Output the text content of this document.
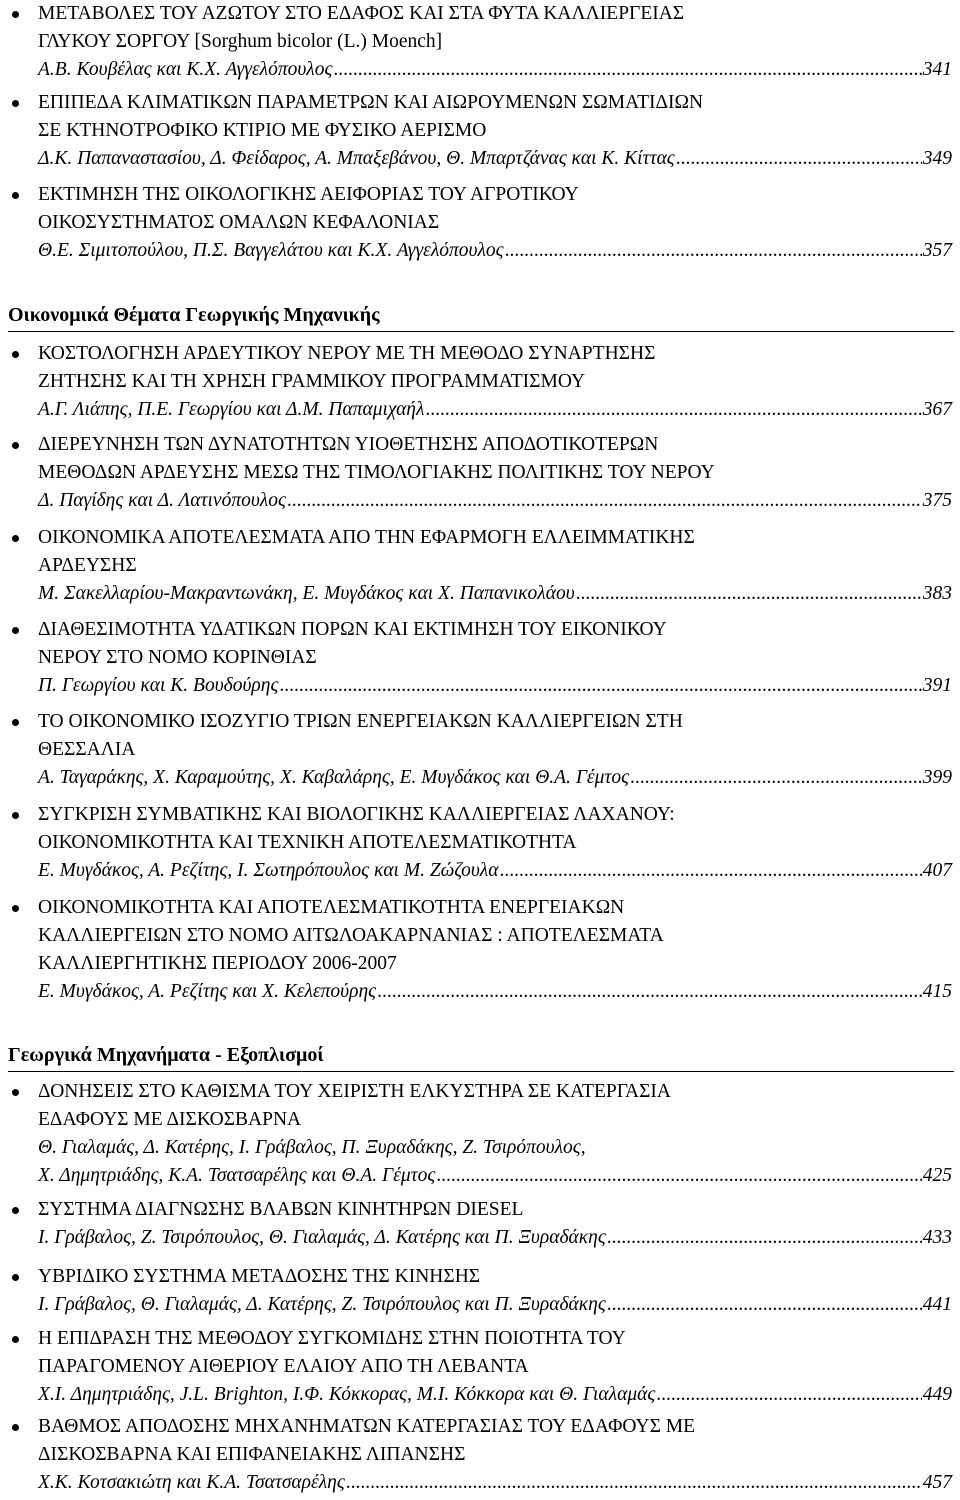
ΜΕΤΑΒΟΛΕΣ ΤΟΥ ΑΖΩΤΟΥ ΣΤΟ ΕΔΑΦΟΣ ΚΑΙ ΣΤΑ ΦΥΤΑ ΚΑΛΛΙΕΡΓΕΙΑΣ
ΓΛΥΚΟΥ ΣΟΡΓΟΥ [Sorghum bicolor (L.) Moench]
Α.Β. Κουβέλας και Κ.Χ. Αγγελόπουλος .....	341
ΕΠΙΠΕΔΑ ΚΛΙΜΑΤΙΚΩΝ ΠΑΡΑΜΕΤΡΩΝ ΚΑΙ ΑΙΩΡΟΥΜΕΝΩΝ ΣΩΜΑΤΙΔΙΩΝ
ΣΕ ΚΤΗΝΟΤΡΟΦΙΚΟ ΚΤΙΡΙΟ ΜΕ ΦΥΣΙΚΟ ΑΕΡΙΣΜΟ
Δ.Κ. Παπαναστασίου, Δ. Φείδαρος, Α. Μπαξεβάνου, Θ. Μπαρτζάνας και Κ. Κίττας .....	349
ΕΚΤΙΜΗΣΗ ΤΗΣ ΟΙΚΟΛΟΓΙΚΗΣ ΑΕΙΦΟΡΙΑΣ ΤΟΥ ΑΓΡΟΤΙΚΟΥ
ΟΙΚΟΣΥΣΤΗΜΑΤΟΣ ΟΜΑΛΩΝ ΚΕΦΑΛΟΝΙΑΣ
Θ.Ε. Σιμιτοπούλου, Π.Σ. Βαγγελάτου και Κ.Χ. Αγγελόπουλος .....	357
Οικονομικά Θέματα Γεωργικής Μηχανικής
ΚΟΣΤΟΛΟΓΗΣΗ ΑΡΔΕΥΤΙΚΟΥ ΝΕΡΟΥ ΜΕ ΤΗ ΜΕΘΟΔΟ ΣΥΝΑΡΤΗΣΗΣ
ΖΗΤΗΣΗΣ ΚΑΙ ΤΗ ΧΡΗΣΗ ΓΡΑΜΜΙΚΟΥ ΠΡΟΓΡΑΜΜΑΤΙΣΜΟΥ
Α.Γ. Λιάπης, Π.Ε. Γεωργίου και Δ.Μ. Παπαμιχαήλ .....	367
ΔΙΕΡΕΥΝΗΣΗ ΤΩΝ ΔΥΝΑΤΟΤΗΤΩΝ ΥΙΟΘΕΤΗΣΗΣ ΑΠΟΔΟΤΙΚΟΤΕΡΩΝ
ΜΕΘΟΔΩΝ ΑΡΔΕΥΣΗΣ ΜΕΣΩ ΤΗΣ ΤΙΜΟΛΟΓΙΑΚΗΣ ΠΟΛΙΤΙΚΗΣ ΤΟΥ ΝΕΡΟΥ
Δ. Παγίδης και Δ. Λατινόπουλος .....	375
ΟΙΚΟΝΟΜΙΚΑ ΑΠΟΤΕΛΕΣΜΑΤΑ ΑΠΟ ΤΗΝ ΕΦΑΡΜΟΓΗ ΕΛΛΕΙΜΜΑΤΙΚΗΣ
ΑΡΔΕΥΣΗΣ
Μ. Σακελλαρίου-Μακραντωνάκη, Ε. Μυγδάκος και Χ. Παπανικολάου .....	383
ΔΙΑΘΕΣΙΜΟΤΗΤΑ ΥΔΑΤΙΚΩΝ ΠΟΡΩΝ ΚΑΙ ΕΚΤΙΜΗΣΗ ΤΟΥ ΕΙΚΟΝΙΚΟΥ
ΝΕΡΟΥ ΣΤΟ ΝΟΜΟ ΚΟΡΙΝΘΙΑΣ
Π. Γεωργίου και Κ. Βουδούρης .....	391
ΤΟ ΟΙΚΟΝΟΜΙΚΟ ΙΣΟΖΥΓΙΟ ΤΡΙΩΝ ΕΝΕΡΓΕΙΑΚΩΝ ΚΑΛΛΙΕΡΓΕΙΩΝ ΣΤΗ
ΘΕΣΣΑΛΙΑ
Α. Ταγαράκης, Χ. Καραμούτης, Χ. Καβαλάρης, Ε. Μυγδάκος και Θ.Α. Γέμτος .....	399
ΣΥΓΚΡΙΣΗ ΣΥΜΒΑΤΙΚΗΣ ΚΑΙ ΒΙΟΛΟΓΙΚΗΣ ΚΑΛΛΙΕΡΓΕΙΑΣ ΛΑΧΑΝΟΥ:
ΟΙΚΟΝΟΜΙΚΟΤΗΤΑ ΚΑΙ ΤΕΧΝΙΚΗ ΑΠΟΤΕΛΕΣΜΑΤΙΚΟΤΗΤΑ
Ε. Μυγδάκος, Α. Ρεζίτης, Ι. Σωτηρόπουλος και Μ. Ζώζουλα .....	407
ΟΙΚΟΝΟΜΙΚΟΤΗΤΑ ΚΑΙ ΑΠΟΤΕΛΕΣΜΑΤΙΚΟΤΗΤΑ ΕΝΕΡΓΕΙΑΚΩΝ
ΚΑΛΛΙΕΡΓΕΙΩΝ ΣΤΟ ΝΟΜΟ ΑΙΤΩΛΟΑΚΑΡΝΑΝΙΑΣ : ΑΠΟΤΕΛΕΣΜΑΤΑ
ΚΑΛΛΙΕΡΓΗΤΙΚΗΣ ΠΕΡΙΟΔΟΥ 2006-2007
Ε. Μυγδάκος, Α. Ρεζίτης και Χ. Κελεπούρης .....	415
Γεωργικά Μηχανήματα - Εξοπλισμοί
ΔΟΝΗΣΕΙΣ ΣΤΟ ΚΑΘΙΣΜΑ ΤΟΥ ΧΕΙΡΙΣΤΗ ΕΛΚΥΣΤΗΡΑ ΣΕ ΚΑΤΕΡΓΑΣΙΑ
ΕΔΑΦΟΥΣ ΜΕ ΔΙΣΚΟΣΒΑΡΝΑ
Θ. Γιαλαμάς, Δ. Κατέρης, Ι. Γράβαλος, Π. Ξυραδάκης, Ζ. Τσιρόπουλος,
Χ. Δημητριάδης, Κ.Α. Τσατσαρέλης και Θ.Α. Γέμτος .....	425
ΣΥΣΤΗΜΑ ΔΙΑΓΝΩΣΗΣ ΒΛΑΒΩΝ ΚΙΝΗΤΗΡΩΝ DIESEL
Ι. Γράβαλος, Ζ. Τσιρόπουλος, Θ. Γιαλαμάς, Δ. Κατέρης και Π. Ξυραδάκης .....	433
ΥΒΡΙΔΙΚΟ ΣΥΣΤΗΜΑ ΜΕΤΑΔΟΣΗΣ ΤΗΣ ΚΙΝΗΣΗΣ
Ι. Γράβαλος, Θ. Γιαλαμάς, Δ. Κατέρης, Ζ. Τσιρόπουλος και Π. Ξυραδάκης .....	441
Η ΕΠΙΔΡΑΣΗ ΤΗΣ ΜΕΘΟΔΟΥ ΣΥΓΚΟΜΙΔΗΣ ΣΤΗΝ ΠΟΙΟΤΗΤΑ ΤΟΥ
ΠΑΡΑΓΟΜΕΝΟΥ ΑΙΘΕΡΙΟΥ ΕΛΑΙΟΥ ΑΠΟ ΤΗ ΛΕΒΑΝΤΑ
Χ.Ι. Δημητριάδης, J.L. Brighton, Ι.Φ. Κόκκορας, Μ.Ι. Κόκκορα και Θ. Γιαλαμάς .....	449
ΒΑΘΜΟΣ ΑΠΟΔΟΣΗΣ ΜΗΧΑΝΗΜΑΤΩΝ ΚΑΤΕΡΓΑΣΙΑΣ ΤΟΥ ΕΔΑΦΟΥΣ ΜΕ
ΔΙΣΚΟΣΒΑΡΝΑ ΚΑΙ ΕΠΙΦΑΝΕΙΑΚΗΣ ΛΙΠΑΝΣΗΣ
Χ.Κ. Κοτσακιώτη και Κ.Α. Τσατσαρέλης .....	457
